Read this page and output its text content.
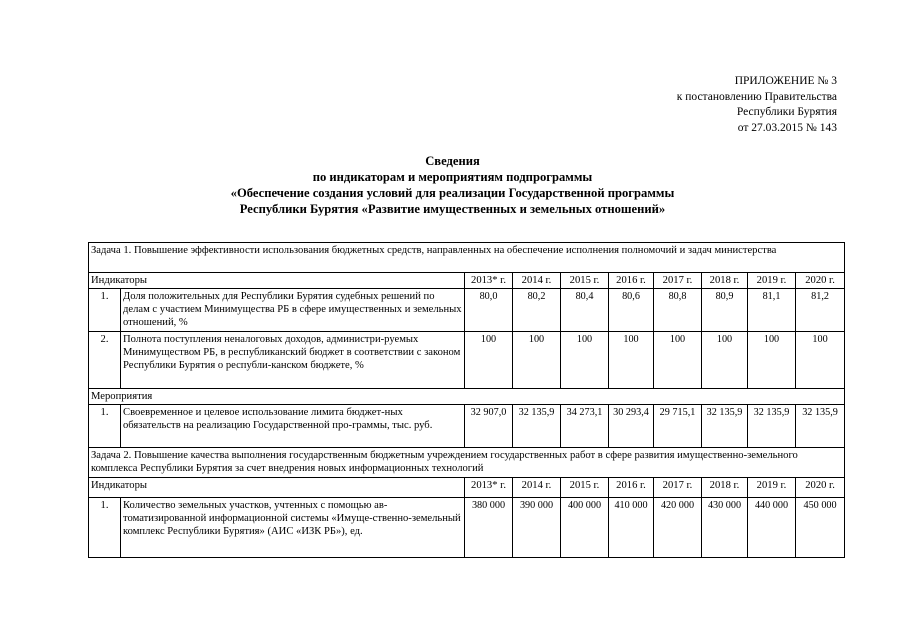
ПРИЛОЖЕНИЕ № 3
к постановлению Правительства
Республики Бурятия
от 27.03.2015 № 143
Сведения
по индикаторам и мероприятиям подпрограммы
«Обеспечение создания условий для реализации Государственной программы
Республики Бурятия «Развитие имущественных и земельных отношений»
Задача 1. Повышение эффективности использования бюджетных средств, направленных на обеспечение исполнения полномочий и задач министерства									
Индикаторы		2013* г.	2014 г.	2015 г.	2016 г.	2017 г.	2018 г.	2019 г.	2020 г.
1.	Доля положительных для Республики Бурятия судебных решений по делам с участием Минимущества РБ в сфере имущественных и земельных отношений, %	80,0	80,2	80,4	80,6	80,8	80,9	81,1	81,2
2.	Полнота поступления неналоговых доходов, администри-руемых Минимуществом РБ, в республиканский бюджет в соответствии с законом Республики Бурятия о республи-канском бюджете, %	100	100	100	100	100	100	100	100
Мероприятия									
1.	Своевременное и целевое использование лимита бюджет-ных обязательств на реализацию Государственной про-граммы, тыс. руб.	32 907,0	32 135,9	34 273,1	30 293,4	29 715,1	32 135,9	32 135,9	32 135,9
Задача 2. Повышение качества выполнения государственным бюджетным учреждением государственных работ в сфере развития имущественно-земельного комплекса Республики Бурятия за счет внедрения новых информационных технологий									
Индикаторы		2013* г.	2014 г.	2015 г.	2016 г.	2017 г.	2018 г.	2019 г.	2020 г.
1.	Количество земельных участков, учтенных с помощью ав-томатизированной информационной системы «Имуще-ственно-земельный комплекс Республики Бурятия» (АИС «ИЗК РБ»), ед.	380 000	390 000	400 000	410 000	420 000	430 000	440 000	450 000
